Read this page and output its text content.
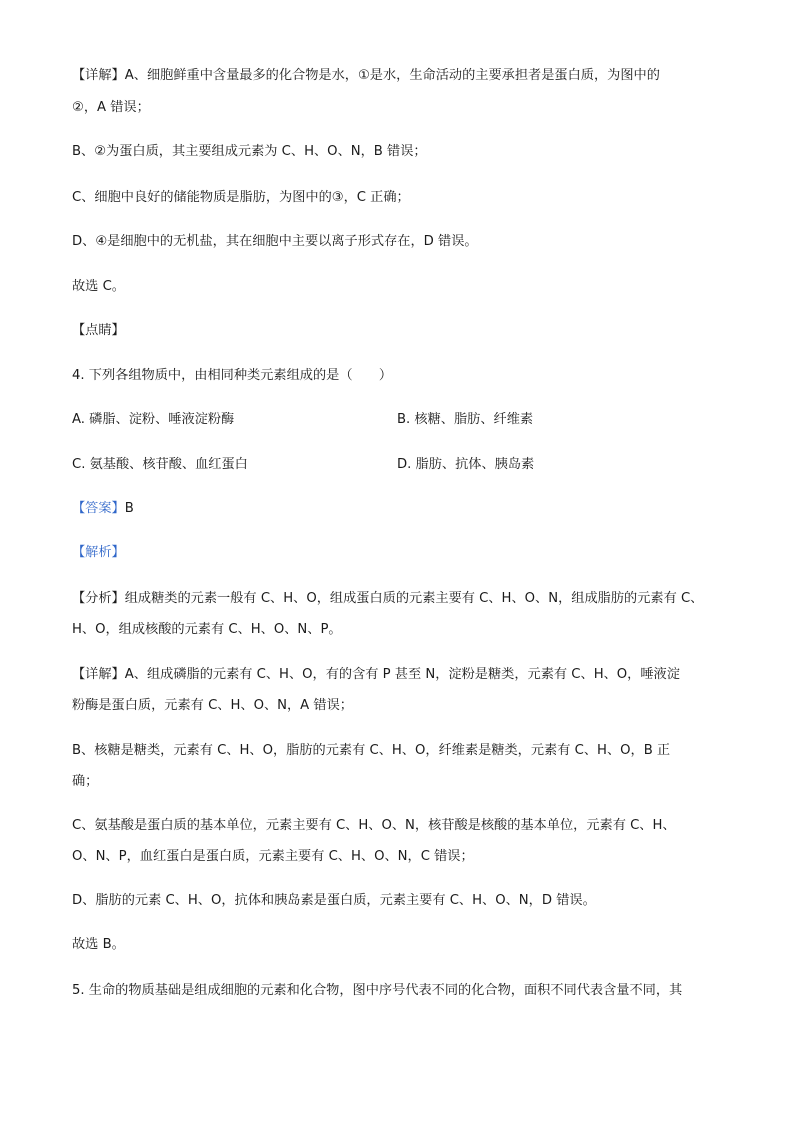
【详解】A、细胞鲜重中含量最多的化合物是水，①是水，生命活动的主要承担者是蛋白质，为图中的
②，A 错误；
B、②为蛋白质，其主要组成元素为 C、H、O、N，B 错误；
C、细胞中良好的储能物质是脂肪，为图中的③，C 正确；
D、④是细胞中的无机盐，其在细胞中主要以离子形式存在，D 错误。
故选 C。
【点睛】
4. 下列各组物质中，由相同种类元素组成的是（　　）
A. 磷脂、淀粉、唾液淀粉酶	B. 核糖、脂肪、纤维素
C. 氨基酸、核苷酸、血红蛋白	D. 脂肪、抗体、胰岛素
【答案】B
【解析】
【分析】组成糖类的元素一般有 C、H、O，组成蛋白质的元素主要有 C、H、O、N，组成脂肪的元素有 C、
H、O，组成核酸的元素有 C、H、O、N、P。
【详解】A、组成磷脂的元素有 C、H、O，有的含有 P 甚至 N，淀粉是糖类，元素有 C、H、O，唾液淀
粉酶是蛋白质，元素有 C、H、O、N，A 错误；
B、核糖是糖类，元素有 C、H、O，脂肪的元素有 C、H、O，纤维素是糖类，元素有 C、H、O，B 正
确；
C、氨基酸是蛋白质的基本单位，元素主要有 C、H、O、N，核苷酸是核酸的基本单位，元素有 C、H、
O、N、P，血红蛋白是蛋白质，元素主要有 C、H、O、N，C 错误；
D、脂肪的元素 C、H、O，抗体和胰岛素是蛋白质，元素主要有 C、H、O、N，D 错误。
故选 B。
5. 生命的物质基础是组成细胞的元素和化合物，图中序号代表不同的化合物，面积不同代表含量不同，其
